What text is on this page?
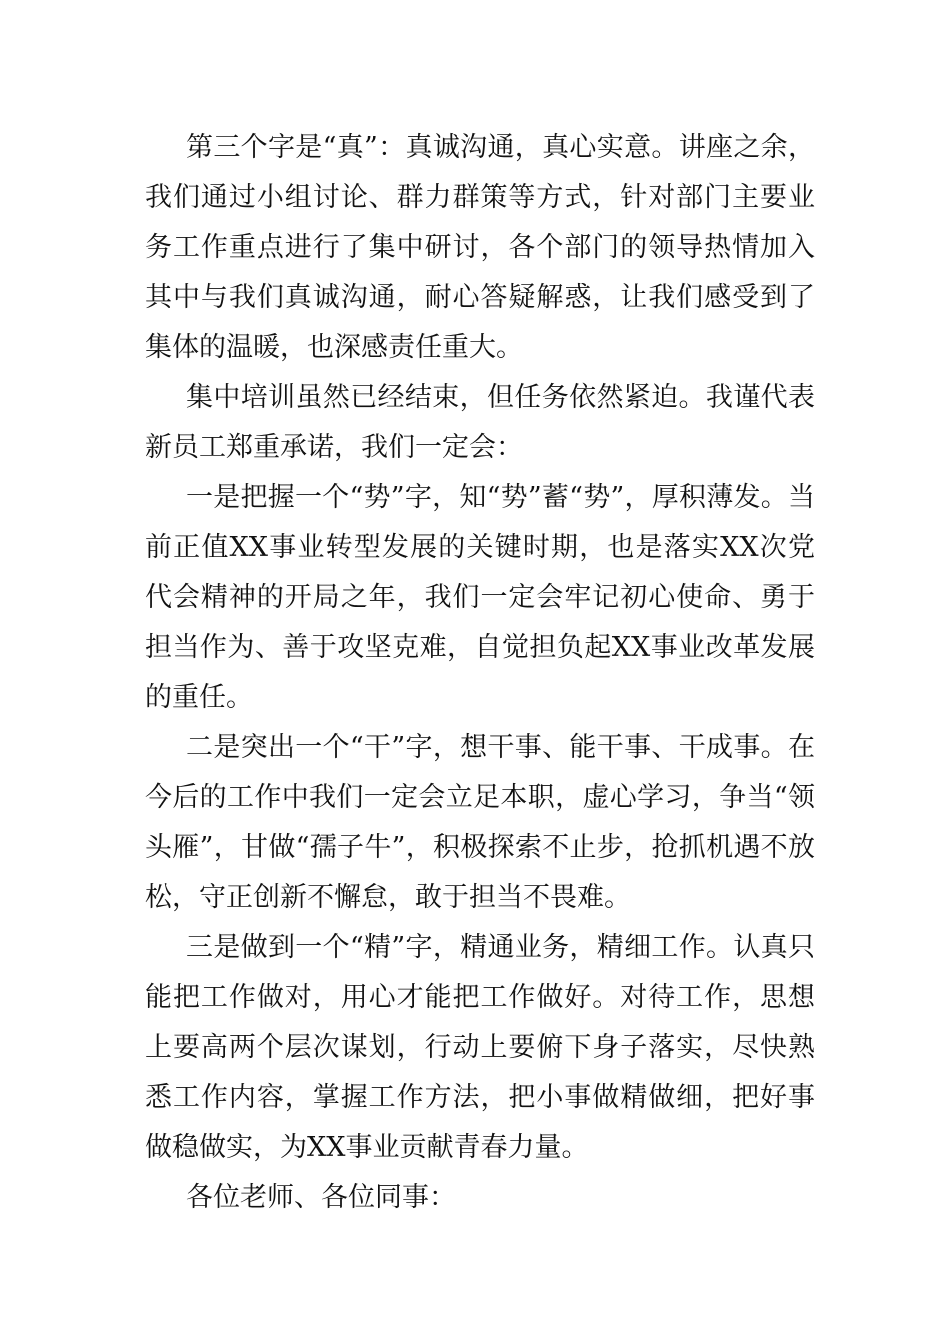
第三个字是“真”：真诚沟通，真心实意。讲座之余，我们通过小组讨论、群力群策等方式，针对部门主要业务工作重点进行了集中研讨，各个部门的领导热情加入其中与我们真诚沟通，耐心答疑解惑，让我们感受到了集体的温暖，也深感责任重大。

集中培训虽然已经结束，但任务依然紧迫。我谨代表新员工郑重承诺，我们一定会：

一是把握一个“势”字，知“势”蓄“势”，厚积薄发。当前正值XX事业转型发展的关键时期，也是落实XX次党代会精神的开局之年，我们一定会牢记初心使命、勇于担当作为、善于攻坚克难，自觉担负起XX事业改革发展的重任。

二是突出一个“干”字，想干事、能干事、干成事。在今后的工作中我们一定会立足本职，虚心学习，争当“领头雁”，甘做“孺子牛”，积极探索不止步，抢抓机遇不放松，守正创新不懈怠，敢于担当不畏难。

三是做到一个“精”字，精通业务，精细工作。认真只能把工作做对，用心才能把工作做好。对待工作，思想上要高两个层次谋划，行动上要俯下身子落实，尽快熟悉工作内容，掌握工作方法，把小事做精做细，把好事做稳做实，为XX事业贡献青春力量。

各位老师、各位同事：
